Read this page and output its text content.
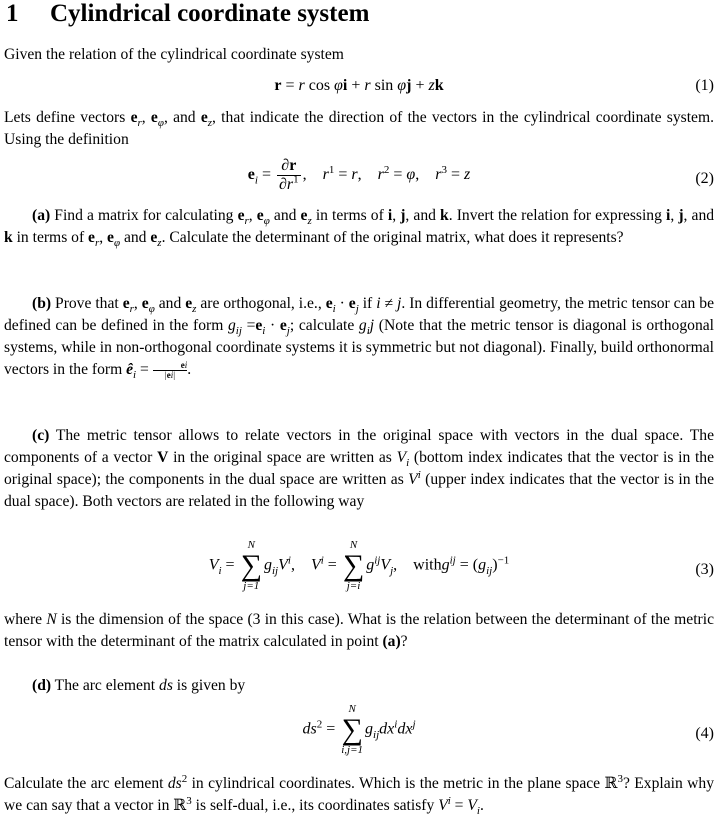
1 Cylindrical coordinate system
Given the relation of the cylindrical coordinate system
r = r cos φi + r sin φj + zk	(1)
Lets define vectors $e_r$, $e_\varphi$, and $e_z$, that indicate the direction of the vectors in the cylindrical coordinate system. Using the definition
$e_i = \frac{\partial r}{\partial r^1}$ ,    $r^1 = r$,    $r^2 = \varphi$,    $r^3 = z$	(2)
(a) Find a matrix for calculating $e_r$, $e_\varphi$ and $e_z$ in terms of i, j, and k. Invert the relation for expressing i, j, and k in terms of $e_r$, $e_\varphi$ and $e_z$. Calculate the determinant of the original matrix, what does it represents?
(b) Prove that $e_r$, $e_\varphi$ and $e_z$ are orthogonal, i.e., $e_i \cdot e_j$ if i ≠ j. In differential geometry, the metric tensor can be defined can be defined in the form $g_{ij} =e_i \cdot e_j$; calculate $g_ij$ (Note that the metric tensor is diagonal is orthogonal systems, while in non-orthogonal coordinate systems it is symmetric but not diagonal). Finally, build orthonormal vectors in the form $ê_i = \frac{ei}{|ei|}$.
(c) The metric tensor allows to relate vectors in the original space with vectors in the dual space. The components of a vector V in the original space are written as $V_i$ (bottom index indicates that the vector is in the original space); the components in the dual space are written as $V^i$ (upper index indicates that the vector is in the dual space). Both vectors are related in the following way
$V_i$ =
N
∑
j=1
$g_{ij}V^i$,    $V^i$ =
N
∑
j=i
$g^{ij}V_j$,    withg$^{ij}$ = $(g_{ij})^{-1}$
(3)
where N is the dimension of the space (3 in this case). What is the relation between the determinant of the metric tensor with the determinant of the matrix calculated in point (a)?
(d) The arc element ds is given by
$ds^2$ =
N
∑
i,j=1
$g_{ij}dx^idx^j$
(4)
Calculate the arc element $ds^2$ in cylindrical coordinates. Which is the metric in the plane space ℝ$^3$? Explain why we can say that a vector in ℝ$^3$ is self-dual, i.e., its coordinates satisfy $V^i = V_i$.
